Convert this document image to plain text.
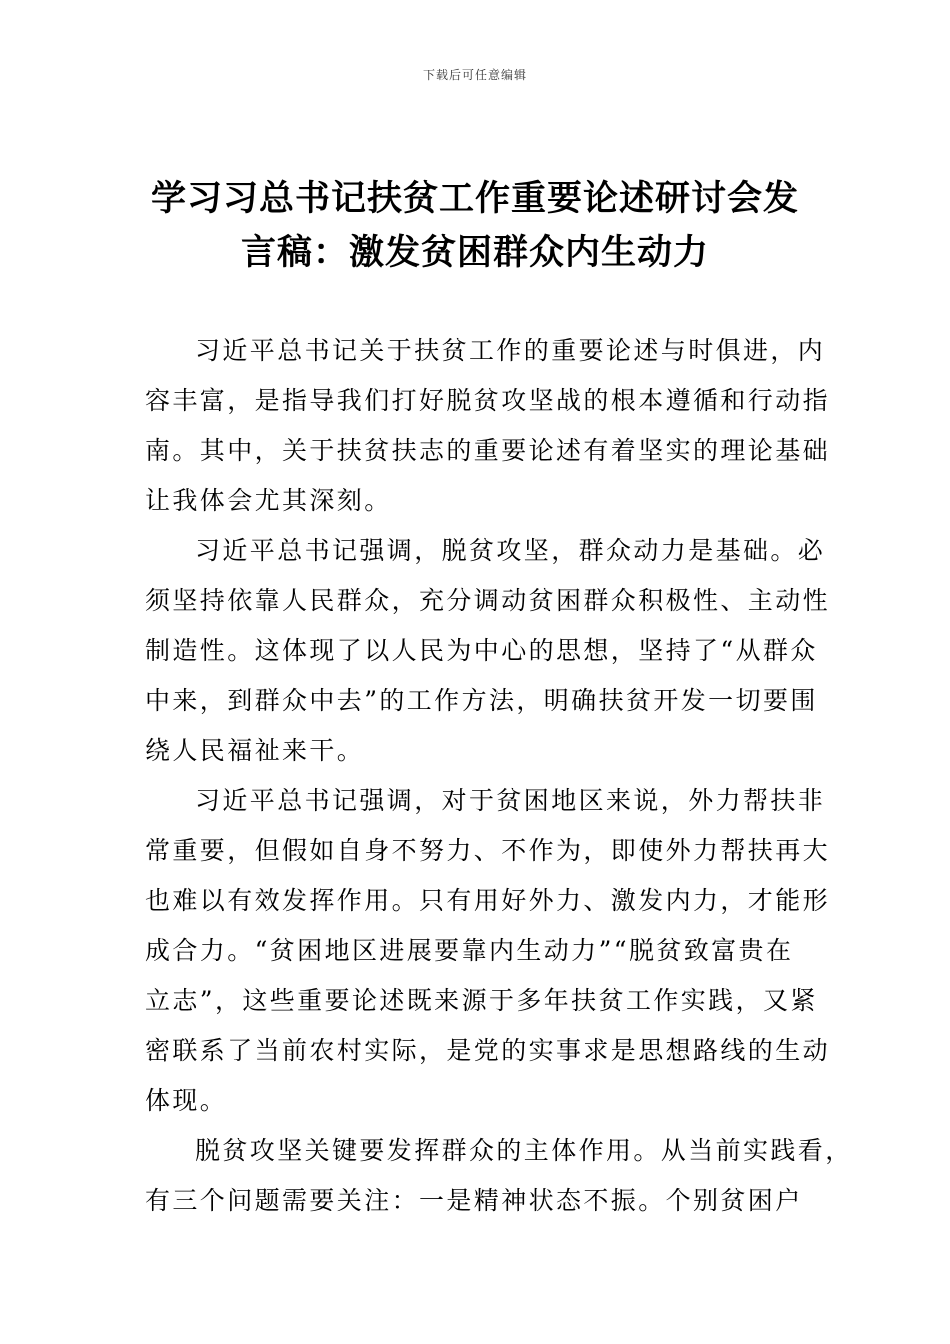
下载后可任意编辑
学习习总书记扶贫工作重要论述研讨会发
言稿：激发贫困群众内生动力
习近平总书记关于扶贫工作的重要论述与时俱进，内
容丰富，是指导我们打好脱贫攻坚战的根本遵循和行动指
南。其中，关于扶贫扶志的重要论述有着坚实的理论基础
让我体会尤其深刻。
习近平总书记强调，脱贫攻坚，群众动力是基础。必
须坚持依靠人民群众，充分调动贫困群众积极性、主动性
制造性。这体现了以人民为中心的思想，坚持了“从群众
中来，到群众中去”的工作方法，明确扶贫开发一切要围
绕人民福祉来干。
习近平总书记强调，对于贫困地区来说，外力帮扶非
常重要，但假如自身不努力、不作为，即使外力帮扶再大
也难以有效发挥作用。只有用好外力、激发内力，才能形
成合力。“贫困地区进展要靠内生动力”“脱贫致富贵在
立志”，这些重要论述既来源于多年扶贫工作实践，又紧
密联系了当前农村实际，是党的实事求是思想路线的生动
体现。
脱贫攻坚关键要发挥群众的主体作用。从当前实践看，
有三个问题需要关注：一是精神状态不振。个别贫困户
